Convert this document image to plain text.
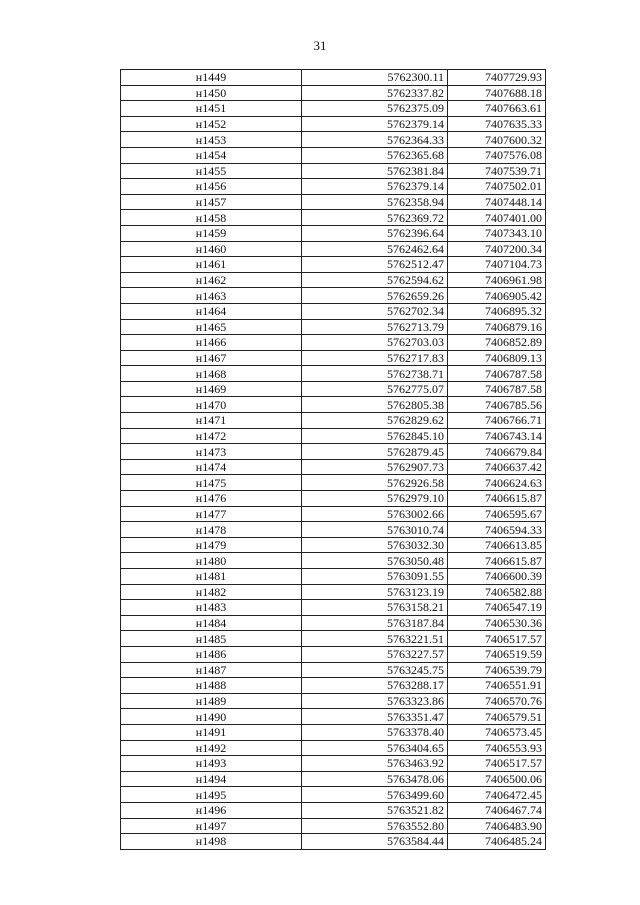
31
н1449	5762300.11	7407729.93
н1450	5762337.82	7407688.18
н1451	5762375.09	7407663.61
н1452	5762379.14	7407635.33
н1453	5762364.33	7407600.32
н1454	5762365.68	7407576.08
н1455	5762381.84	7407539.71
н1456	5762379.14	7407502.01
н1457	5762358.94	7407448.14
н1458	5762369.72	7407401.00
н1459	5762396.64	7407343.10
н1460	5762462.64	7407200.34
н1461	5762512.47	7407104.73
н1462	5762594.62	7406961.98
н1463	5762659.26	7406905.42
н1464	5762702.34	7406895.32
н1465	5762713.79	7406879.16
н1466	5762703.03	7406852.89
н1467	5762717.83	7406809.13
н1468	5762738.71	7406787.58
н1469	5762775.07	7406787.58
н1470	5762805.38	7406785.56
н1471	5762829.62	7406766.71
н1472	5762845.10	7406743.14
н1473	5762879.45	7406679.84
н1474	5762907.73	7406637.42
н1475	5762926.58	7406624.63
н1476	5762979.10	7406615.87
н1477	5763002.66	7406595.67
н1478	5763010.74	7406594.33
н1479	5763032.30	7406613.85
н1480	5763050.48	7406615.87
н1481	5763091.55	7406600.39
н1482	5763123.19	7406582.88
н1483	5763158.21	7406547.19
н1484	5763187.84	7406530.36
н1485	5763221.51	7406517.57
н1486	5763227.57	7406519.59
н1487	5763245.75	7406539.79
н1488	5763288.17	7406551.91
н1489	5763323.86	7406570.76
н1490	5763351.47	7406579.51
н1491	5763378.40	7406573.45
н1492	5763404.65	7406553.93
н1493	5763463.92	7406517.57
н1494	5763478.06	7406500.06
н1495	5763499.60	7406472.45
н1496	5763521.82	7406467.74
н1497	5763552.80	7406483.90
н1498	5763584.44	7406485.24
